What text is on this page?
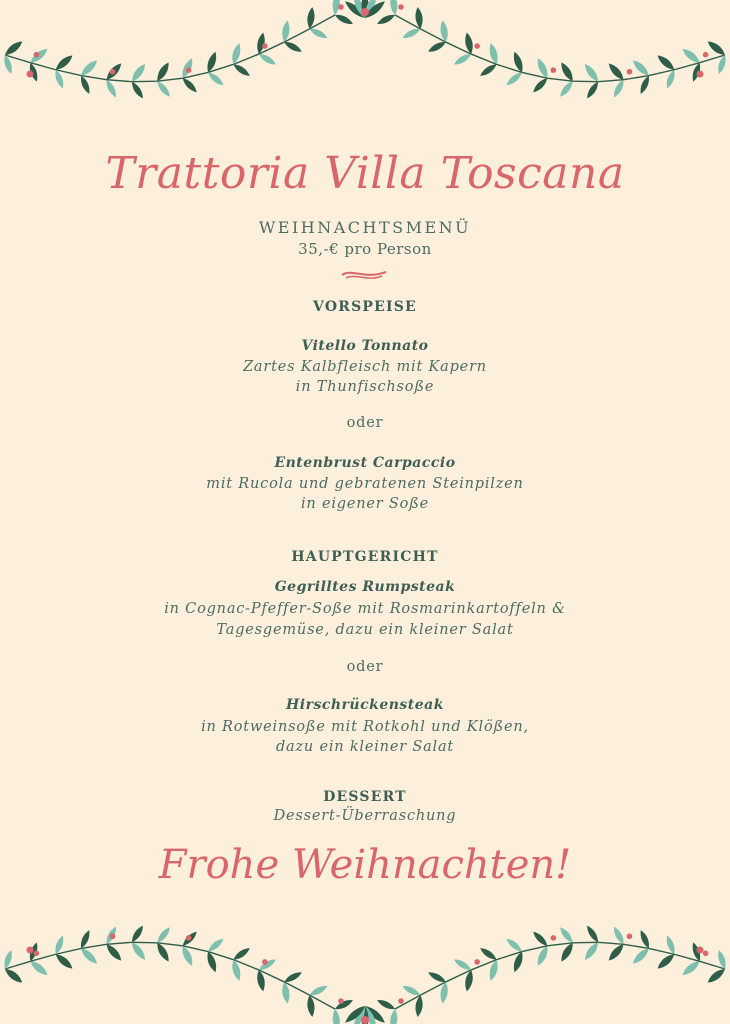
Trattoria Villa Toscana
WEIHNACHTSMENÜ
35,-€ pro Person
VORSPEISE
Vitello Tonnato
Zartes Kalbfleisch mit Kapern
in Thunfischsoße
oder
Entenbrust Carpaccio
mit Rucola und gebratenen Steinpilzen
in eigener Soße
HAUPTGERICHT
Gegrilltes Rumpsteak
in Cognac-Pfeffer-Soße mit Rosmarinkartoffeln &
Tagesgemüse, dazu ein kleiner Salat
oder
Hirschrückensteak
in Rotweinsoße mit Rotkohl und Klößen,
dazu ein kleiner Salat
DESSERT
Dessert-Überraschung
Frohe Weihnachten!
